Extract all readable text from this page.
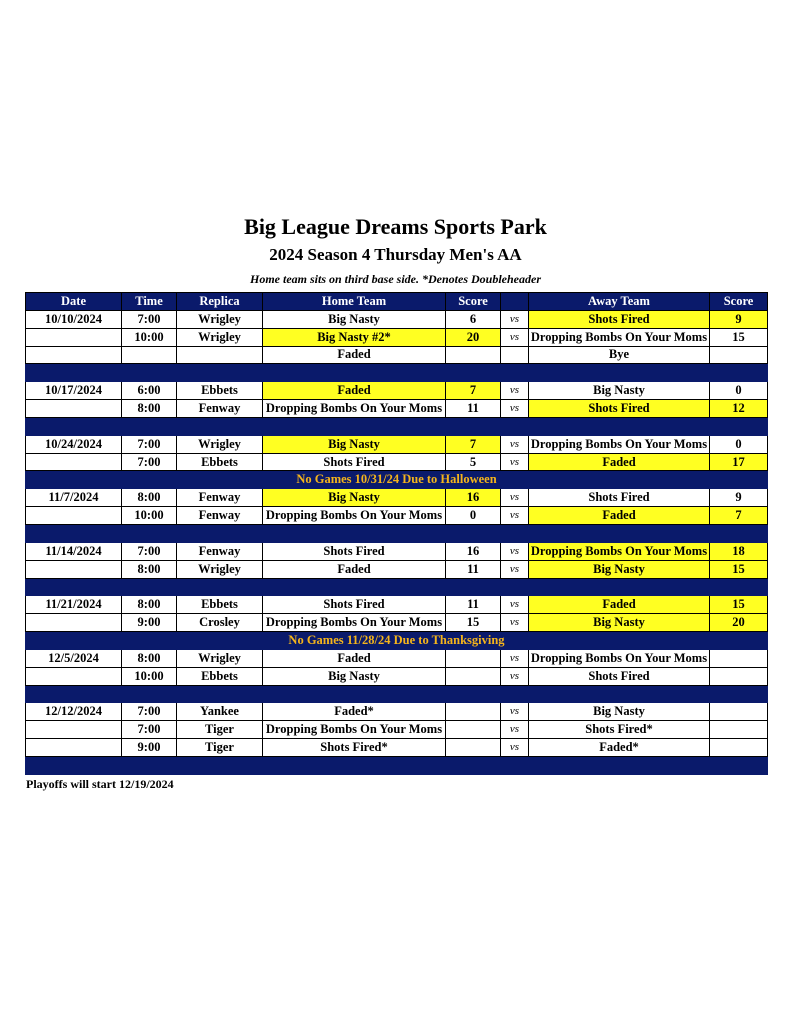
Big League Dreams Sports Park
2024 Season 4 Thursday Men's AA
Home team sits on third base side. *Denotes Doubleheader
Date	Time	Replica	Home Team	Score		Away Team	Score
10/10/2024	7:00	Wrigley	Big Nasty	6	vs	Shots Fired	9
	10:00	Wrigley	Big Nasty #2*	20	vs	Dropping Bombs On Your Moms	15
			Faded			Bye	

10/17/2024	6:00	Ebbets	Faded	7	vs	Big Nasty	0
	8:00	Fenway	Dropping Bombs On Your Moms	11	vs	Shots Fired	12

10/24/2024	7:00	Wrigley	Big Nasty	7	vs	Dropping Bombs On Your Moms	0
	7:00	Ebbets	Shots Fired	5	vs	Faded	17
No Games 10/31/24 Due to Halloween							
11/7/2024	8:00	Fenway	Big Nasty	16	vs	Shots Fired	9
	10:00	Fenway	Dropping Bombs On Your Moms	0	vs	Faded	7

11/14/2024	7:00	Fenway	Shots Fired	16	vs	Dropping Bombs On Your Moms	18
	8:00	Wrigley	Faded	11	vs	Big Nasty	15

11/21/2024	8:00	Ebbets	Shots Fired	11	vs	Faded	15
	9:00	Crosley	Dropping Bombs On Your Moms	15	vs	Big Nasty	20
No Games 11/28/24 Due to Thanksgiving							
12/5/2024	8:00	Wrigley	Faded		vs	Dropping Bombs On Your Moms	
	10:00	Ebbets	Big Nasty		vs	Shots Fired	

12/12/2024	7:00	Yankee	Faded*		vs	Big Nasty	
	7:00	Tiger	Dropping Bombs On Your Moms		vs	Shots Fired*	
	9:00	Tiger	Shots Fired*		vs	Faded*	

Playoffs will start 12/19/2024
